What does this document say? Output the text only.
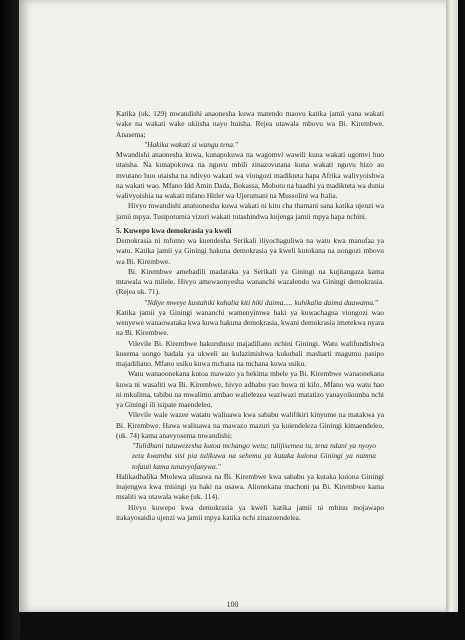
Katika (uk. 129) mwandishi anaonesha kuwa matendo maovu katika jamii yana wakati wake na wakati wake ukiisha nayo huisha. Rejea utawala mbovu wa Bi. Kirembwe. Anasema;

"Hakika wakati si wangu tena."

Mwandishi anaonesha kuwa, kunapokuwa na wagomvi wawili kuna wakati ugomvi huo utaisha. Na kunapokuwa na nguvu mbili zinazovutana kuna wakati nguvu hizo au mvutano huo utaisha na ndivyo wakati wa viongozi madikteta hapa Afrika walivyoishwa na wakati wao. Mfano Idd Amin Dada, Bokassa, Mobotu na baadhi ya madikteta wa dunia walivyoishia na wakati mfano Hitler wa Ujerumani na Mussolini wa Italia.

Hivyo mwandishi anatuonesha kuwa wakati ni kitu cha thamani sana katika ujenzi wa jamii mpya. Tusipotumia vizuri wakati tutashindwa kujenga jamii mpya hapa nchini.

5. Kuwepo kwa demokrasia ya kweli

Demokrasia ni mfumo wa kuendesha Serikali iliyochaguliwa na watu kwa manufaa ya watu. Katika jamii ya Giningi hakuna demokrasia ya kweli kutokana na uongozi mbovu wa Bi. Kirembwe.

Bi. Kirembwe amebadili madaraka ya Serikali ya Giningi na kujitangaza kama mtawala wa milele. Hivyo amewaonyesha wananchi wazalendo wa Giningi demokrasia. (Rejea uk. 71).

"Ndiye mweye kustahiki kuhalia kiti hiki daima..... kuhikalia daima daawamu."

Katika jamii ya Giningi wananchi wamenyimwa haki ya kuwachagua viongozi wao wenyewe wanaowataka kwa kuwa hakuna demokrasia, kwani demokrasia imetekwa nyara na Bi. Kirembwe.

Vilevile Bi. Kirembwe hakuruhusu majadiliano nchini Giningi. Watu walifundishwa kusema uongo badala ya ukweli au kulazimishwa kukubali masharti magumu pasipo majadiliano. Mfano usiku kuwa mchana na mchana kuwa usiku.

Watu wanaoonekana kutoa mawazo ya hekima mbele ya Bi. Kirembwe wanaonekana kuwa ni wasaliti wa Bi. Kirembwe, hivyo adhabu yao huwa ni kifo. Mfano wa watu hao ni mkulima, tabibu na mwalimu ambao walielezea waziwazi matatizo yanayoikumba nchi ya Giningi ili isipate maendeleo.

Vilevile wale wazee watatu waliuawa kwa sababu walifikiri kinyume na matakwa ya Bi. Kirembwe. Hawa waliuawa na mawazo mazuri ya kuiendeleza Giningi kimaendeleo, (uk. 74) kama anavyosema mwandishi;

"Tulidhani tutawezesha kutoa mchango wetu; tulijisemea tu, tena ndani ya nyoyo zetu kwamba sisi pia tulikuwa na sehemu ya kutaka kuiona Giningi ya namna tofauti kama tunavyofanywa."

Halikadhalika Mtolewa aliuawa na Bi. Kirembwe kwa sababu ya kutaka kuiona Giningi inajengwa kwa misingi ya haki na usawa. Alionekana machoni pa Bi. Kirembwe kama msaliti wa utawala wake (uk. 114).

Hivyo kuwepo kwa demokrasia ya kweli katika jamii ni mbinu mojawapo itakayosaidia ujenzi wa jamii mpya katika nchi zinazoendelea.

100
